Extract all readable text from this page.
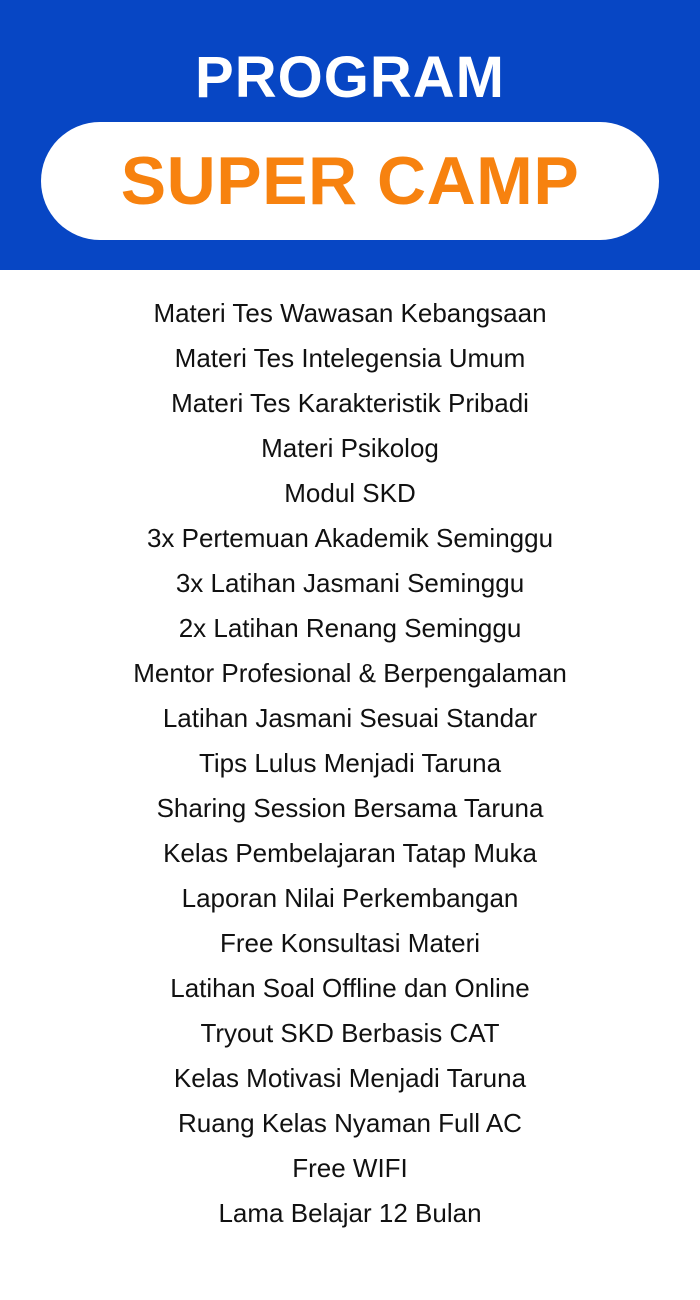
PROGRAM
SUPER CAMP
Materi Tes Wawasan Kebangsaan
Materi Tes Intelegensia Umum
Materi Tes Karakteristik Pribadi
Materi Psikolog
Modul SKD
3x Pertemuan Akademik Seminggu
3x Latihan Jasmani Seminggu
2x Latihan Renang Seminggu
Mentor Profesional & Berpengalaman
Latihan Jasmani Sesuai Standar
Tips Lulus Menjadi Taruna
Sharing Session Bersama Taruna
Kelas Pembelajaran Tatap Muka
Laporan Nilai Perkembangan
Free Konsultasi Materi
Latihan Soal Offline dan Online
Tryout SKD Berbasis CAT
Kelas Motivasi Menjadi Taruna
Ruang Kelas Nyaman Full AC
Free WIFI
Lama Belajar 12 Bulan
